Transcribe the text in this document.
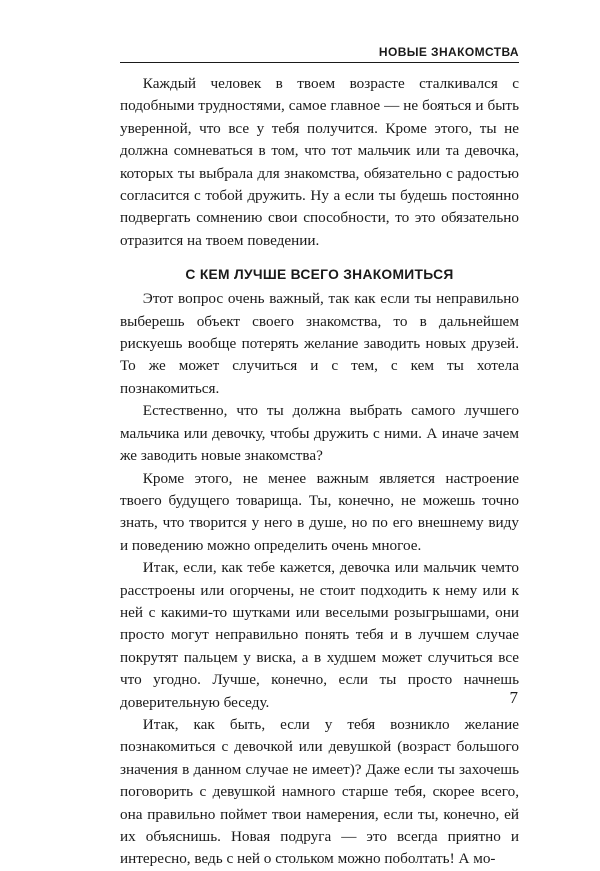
НОВЫЕ ЗНАКОМСТВА

Каждый человек в твоем возрасте сталкивался с подобными трудностями, самое главное — не бояться и быть уверенной, что все у тебя получится. Кроме этого, ты не должна сомневаться в том, что тот мальчик или та девочка, которых ты выбрала для знакомства, обязательно с радостью согласится с тобой дружить. Ну а если ты будешь постоянно подвергать сомнению свои способности, то это обязательно отразится на твоем поведении.

С КЕМ ЛУЧШЕ ВСЕГО ЗНАКОМИТЬСЯ

Этот вопрос очень важный, так как если ты неправильно выберешь объект своего знакомства, то в дальнейшем рискуешь вообще потерять желание заводить новых друзей. То же может случиться и с тем, с кем ты хотела познакомиться.

Естественно, что ты должна выбрать самого лучшего мальчика или девочку, чтобы дружить с ними. А иначе зачем же заводить новые знакомства?

Кроме этого, не менее важным является настроение твоего будущего товарища. Ты, конечно, не можешь точно знать, что творится у него в душе, но по его внешнему виду и поведению можно определить очень многое.

Итак, если, как тебе кажется, девочка или мальчик чемто расстроены или огорчены, не стоит подходить к нему или к ней с какими-то шутками или веселыми розыгрышами, они просто могут неправильно понять тебя и в лучшем случае покрутят пальцем у виска, а в худшем может случиться все что угодно. Лучше, конечно, если ты просто начнешь доверительную беседу.

Итак, как быть, если у тебя возникло желание познакомиться с девочкой или девушкой (возраст большого значения в данном случае не имеет)? Даже если ты захочешь поговорить с девушкой намного старше тебя, скорее всего, она правильно поймет твои намерения, если ты, конечно, ей их объяснишь. Новая подруга — это всегда приятно и интересно, ведь с ней о стольком можно поболтать! А мо-

7
